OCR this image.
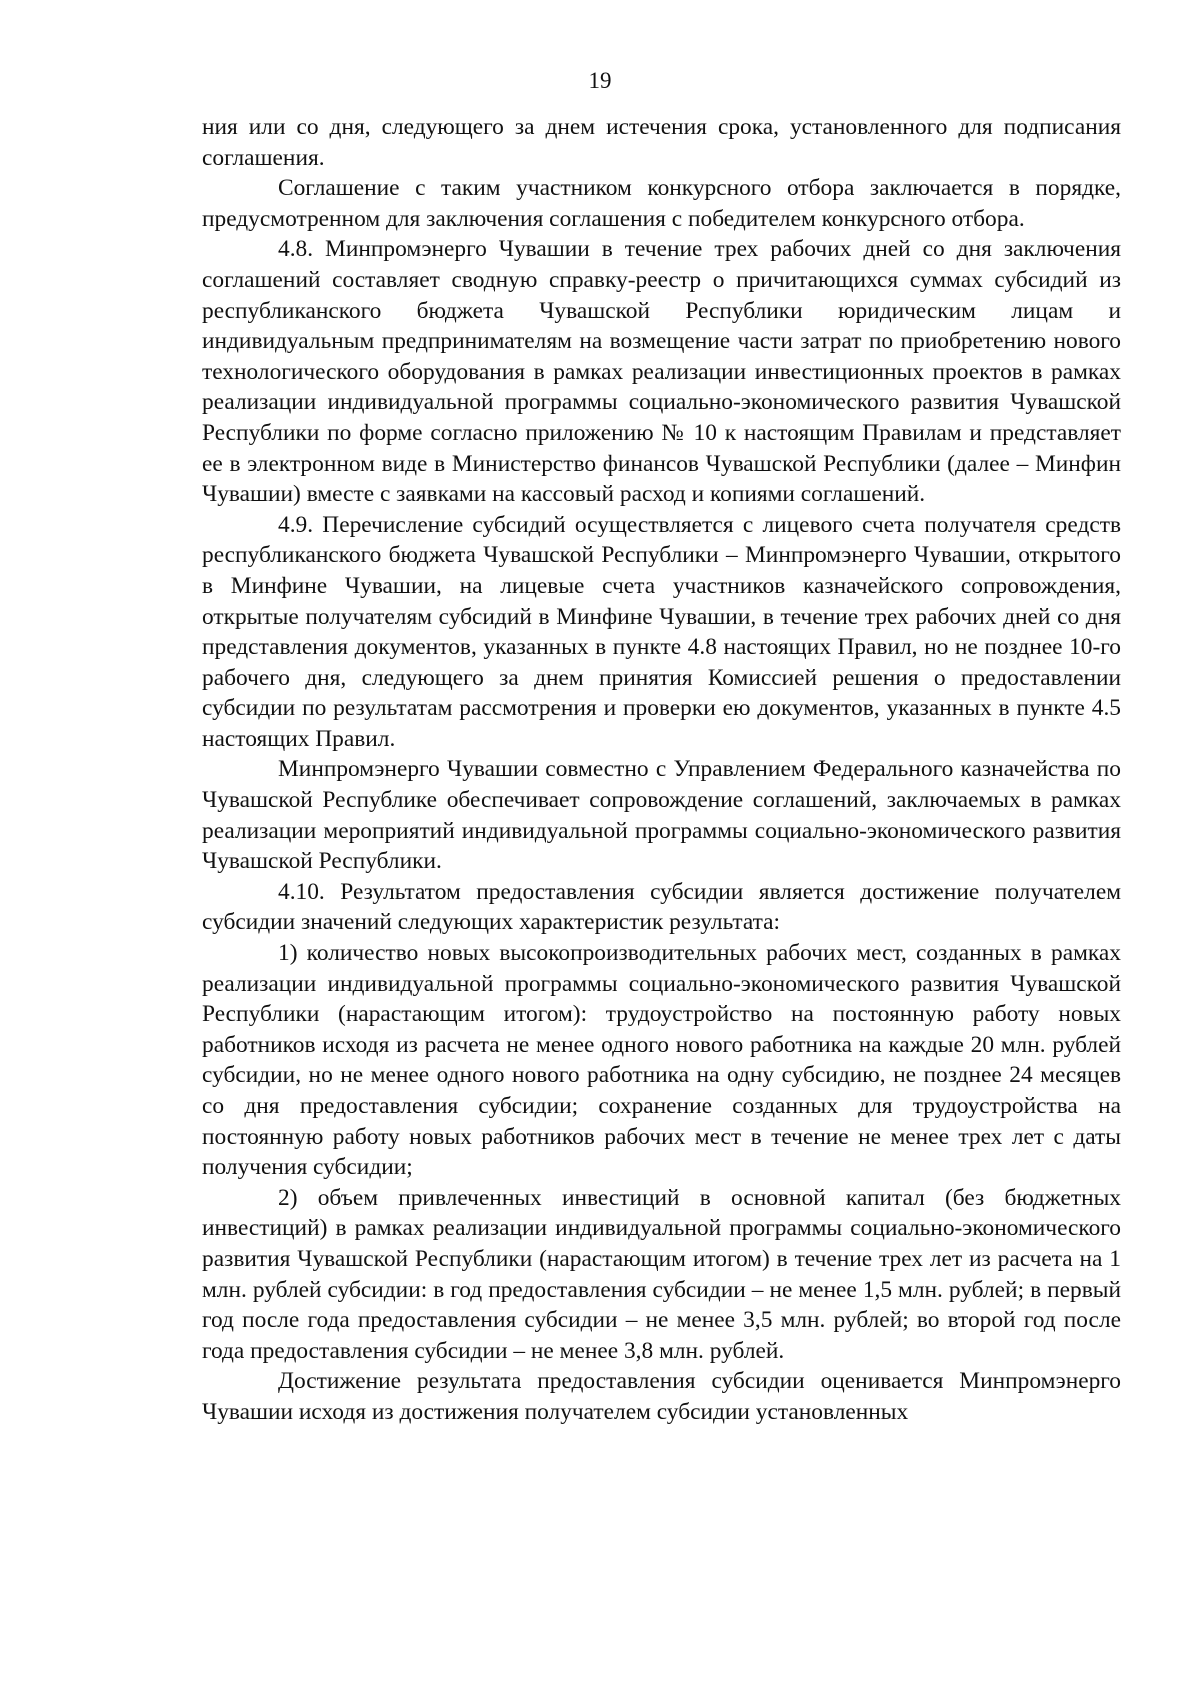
19

ния или со дня, следующего за днем истечения срока, установленного для подписания соглашения.

Соглашение с таким участником конкурсного отбора заключается в порядке, предусмотренном для заключения соглашения с победителем конкурсного отбора.

4.8. Минпромэнерго Чувашии в течение трех рабочих дней со дня заключения соглашений составляет сводную справку-реестр о причитающихся суммах субсидий из республиканского бюджета Чувашской Республики юридическим лицам и индивидуальным предпринимателям на возмещение части затрат по приобретению нового технологического оборудования в рамках реализации инвестиционных проектов в рамках реализации индивидуальной программы социально-экономического развития Чувашской Республики по форме согласно приложению № 10 к настоящим Правилам и представляет ее в электронном виде в Министерство финансов Чувашской Республики (далее – Минфин Чувашии) вместе с заявками на кассовый расход и копиями соглашений.

4.9. Перечисление субсидий осуществляется с лицевого счета получателя средств республиканского бюджета Чувашской Республики – Минпромэнерго Чувашии, открытого в Минфине Чувашии, на лицевые счета участников казначейского сопровождения, открытые получателям субсидий в Минфине Чувашии, в течение трех рабочих дней со дня представления документов, указанных в пункте 4.8 настоящих Правил, но не позднее 10-го рабочего дня, следующего за днем принятия Комиссией решения о предоставлении субсидии по результатам рассмотрения и проверки ею документов, указанных в пункте 4.5 настоящих Правил.

Минпромэнерго Чувашии совместно с Управлением Федерального казначейства по Чувашской Республике обеспечивает сопровождение соглашений, заключаемых в рамках реализации мероприятий индивидуальной программы социально-экономического развития Чувашской Республики.

4.10. Результатом предоставления субсидии является достижение получателем субсидии значений следующих характеристик результата:

1) количество новых высокопроизводительных рабочих мест, созданных в рамках реализации индивидуальной программы социально-экономического развития Чувашской Республики (нарастающим итогом): трудоустройство на постоянную работу новых работников исходя из расчета не менее одного нового работника на каждые 20 млн. рублей субсидии, но не менее одного нового работника на одну субсидию, не позднее 24 месяцев со дня предоставления субсидии; сохранение созданных для трудоустройства на постоянную работу новых работников рабочих мест в течение не менее трех лет с даты получения субсидии;

2) объем привлеченных инвестиций в основной капитал (без бюджетных инвестиций) в рамках реализации индивидуальной программы социально-экономического развития Чувашской Республики (нарастающим итогом) в течение трех лет из расчета на 1 млн. рублей субсидии: в год предоставления субсидии – не менее 1,5 млн. рублей; в первый год после года предоставления субсидии – не менее 3,5 млн. рублей; во второй год после года предоставления субсидии – не менее 3,8 млн. рублей.

Достижение результата предоставления субсидии оценивается Минпромэнерго Чувашии исходя из достижения получателем субсидии установленных
